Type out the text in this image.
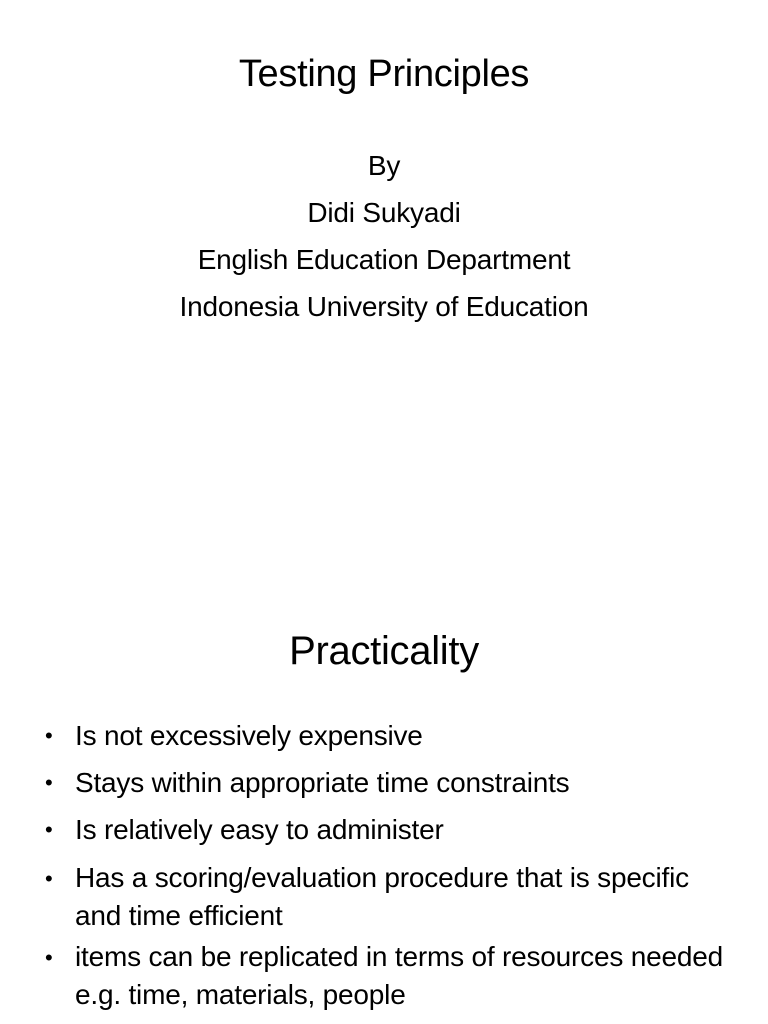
Testing Principles
By
Didi Sukyadi
English Education Department
Indonesia University of Education
Practicality
• Is not excessively expensive
• Stays within appropriate time constraints
• Is relatively easy to administer
• Has a scoring/evaluation procedure that is specific and time efficient
• items can be replicated in terms of resources needed e.g. time, materials, people
